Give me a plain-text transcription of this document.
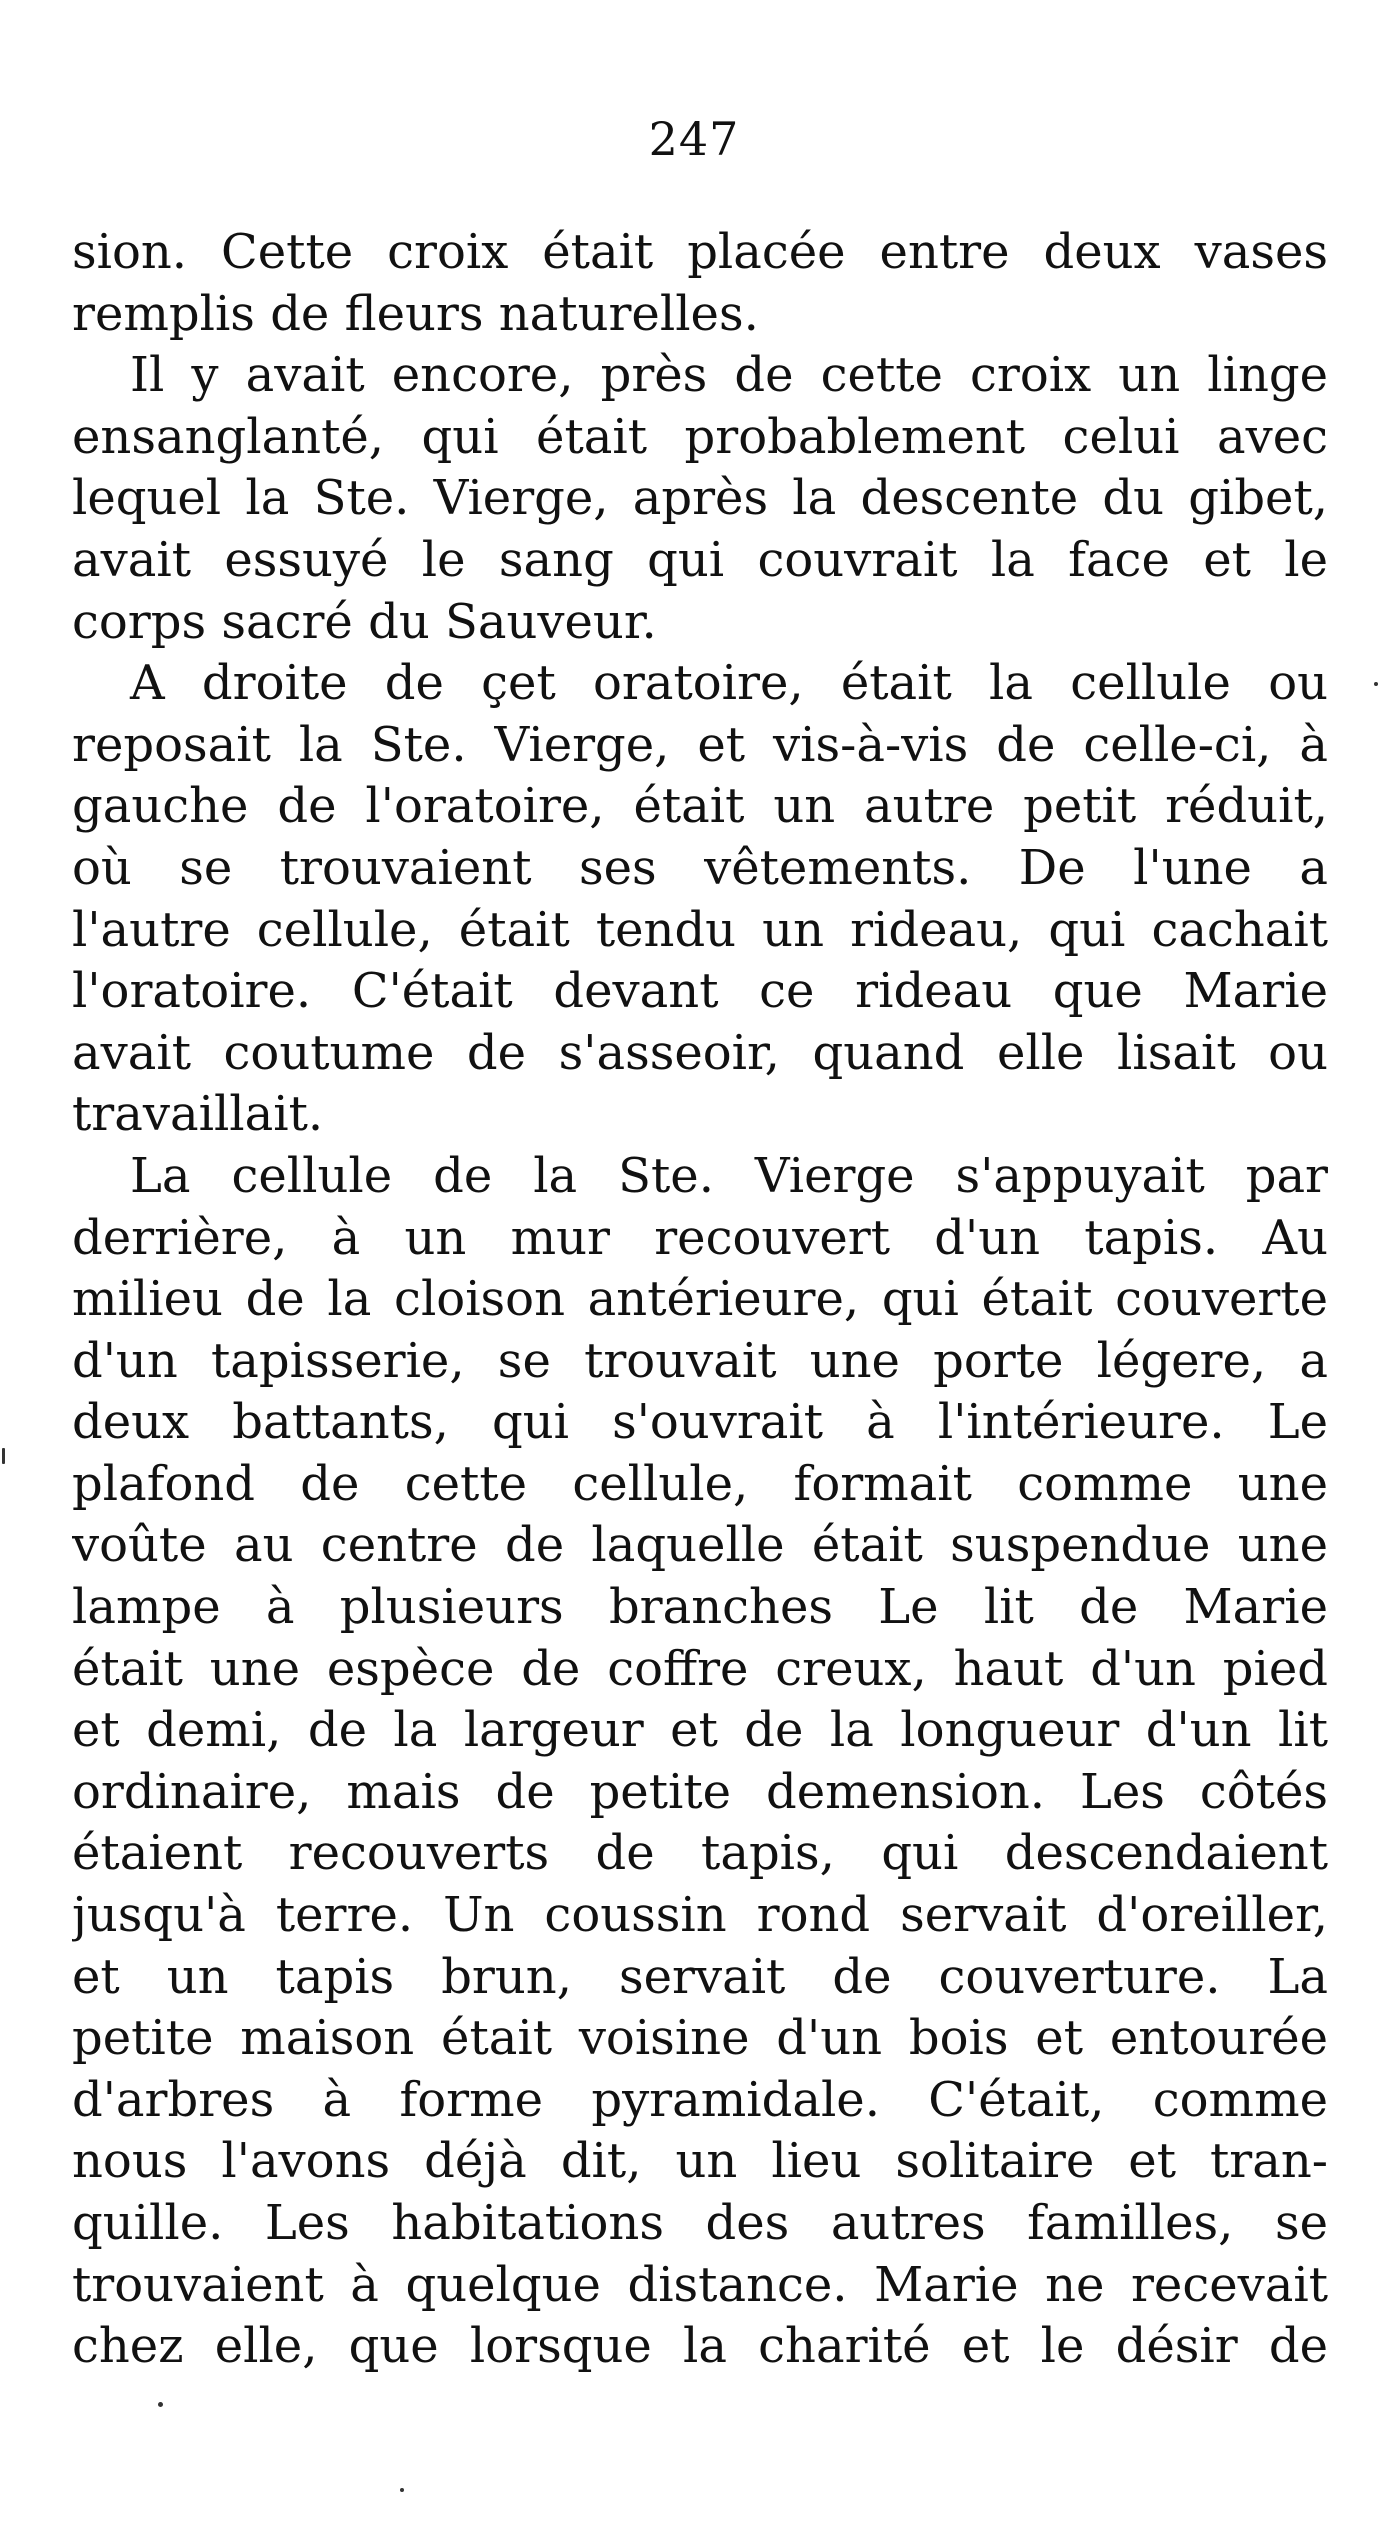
247
sion. Cette croix était placée entre deux vases
remplis de fleurs naturelles.
Il y avait encore, près de cette croix un linge
ensanglanté, qui était probablement celui avec
lequel la Ste. Vierge, après la descente du gibet,
avait essuyé le sang qui couvrait la face et le
corps sacré du Sauveur.
A droite de çet oratoire, était la cellule ou
reposait la Ste. Vierge, et vis-à-vis de celle-ci, à
gauche de l'oratoire, était un autre petit réduit,
où se trouvaient ses vêtements. De l'une a
l'autre cellule, était tendu un rideau, qui cachait
l'oratoire. C'était devant ce rideau que Marie
avait coutume de s'asseoir, quand elle lisait ou
travaillait.
La cellule de la Ste. Vierge s'appuyait par
derrière, à un mur recouvert d'un tapis. Au
milieu de la cloison antérieure, qui était couverte
d'un tapisserie, se trouvait une porte légere, a
deux battants, qui s'ouvrait à l'intérieure. Le
plafond de cette cellule, formait comme une
voûte au centre de laquelle était suspendue une
lampe à plusieurs branches Le lit de Marie
était une espèce de coffre creux, haut d'un pied
et demi, de la largeur et de la longueur d'un lit
ordinaire, mais de petite demension. Les côtés
étaient recouverts de tapis, qui descendaient
jusqu'à terre. Un coussin rond servait d'oreiller,
et un tapis brun, servait de couverture. La
petite maison était voisine d'un bois et entourée
d'arbres à forme pyramidale. C'était, comme
nous l'avons déjà dit, un lieu solitaire et tran-
quille. Les habitations des autres familles, se
trouvaient à quelque distance. Marie ne recevait
chez elle, que lorsque la charité et le désir de
